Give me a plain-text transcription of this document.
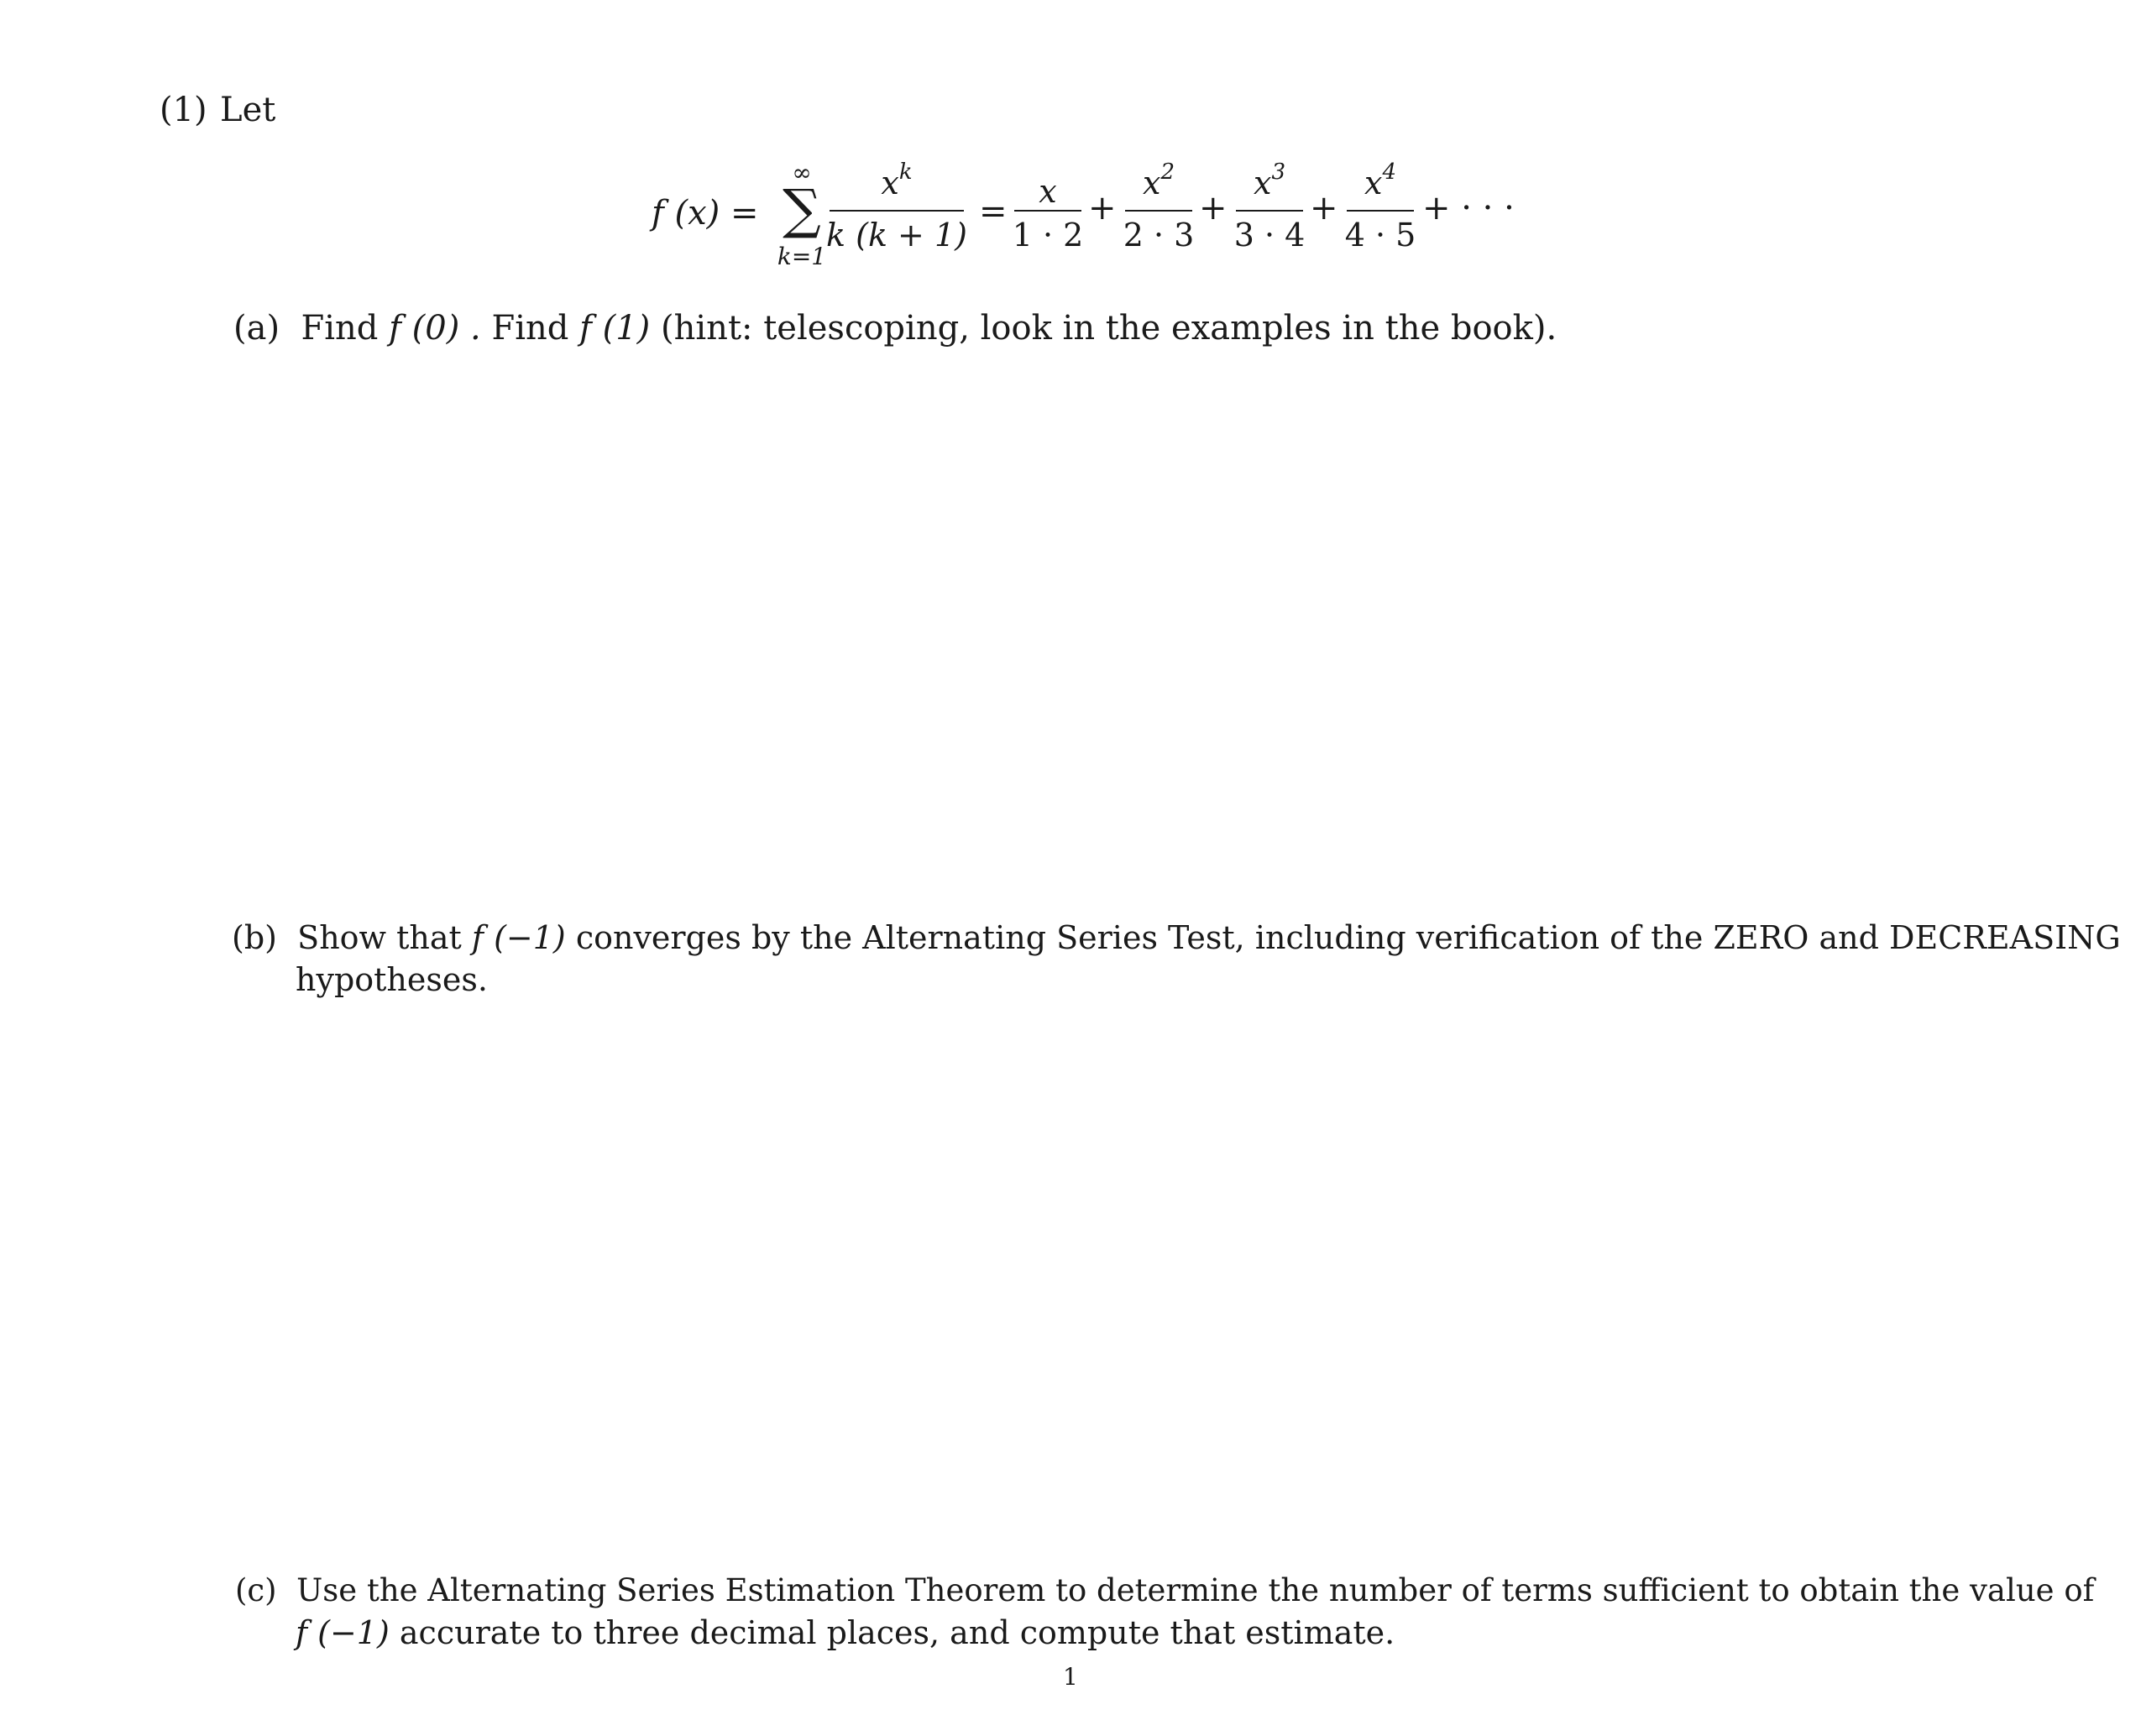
(1) Let
f (x) =
∞
∑
k=1
$x^k$
k (k + 1)
=
x
1 · 2
+
$x^2$
2 · 3
+
$x^3$
3 · 4
+
$x^4$
4 · 5
+ · · ·
(a) Find f (0) . Find f (1) (hint: telescoping, look in the examples in the book).
(b) Show that f (−1) converges by the Alternating Series Test, including verification of the ZERO and DECREASING
hypotheses.
(c) Use the Alternating Series Estimation Theorem to determine the number of terms sufficient to obtain the value of
f (−1) accurate to three decimal places, and compute that estimate.
1
